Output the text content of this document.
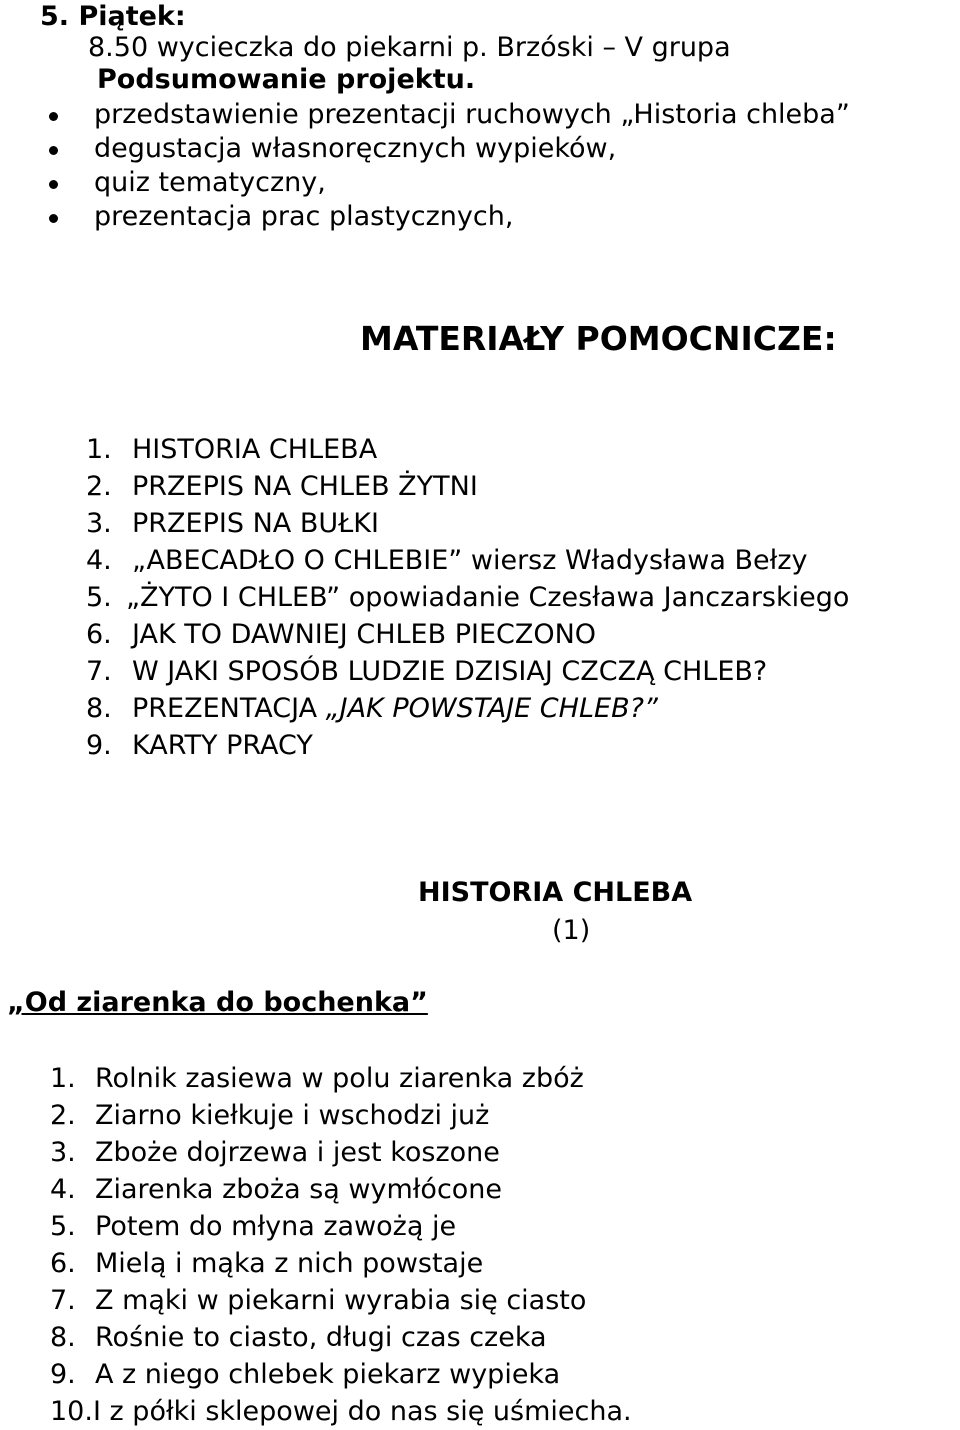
5. Piątek:
8.50 wycieczka do piekarni p. Brzóski – V grupa
Podsumowanie projektu.
przedstawienie prezentacji ruchowych „Historia chleba”
degustacja własnoręcznych wypieków,
quiz tematyczny,
prezentacja prac plastycznych,
MATERIAŁY POMOCNICZE:
1. HISTORIA CHLEBA
2. PRZEPIS NA CHLEB ŻYTNI
3. PRZEPIS NA BUŁKI
4. „ABECADŁO O CHLEBIE” wiersz Władysława Bełzy
5. „ŻYTO I CHLEB” opowiadanie Czesława Janczarskiego
6. JAK TO DAWNIEJ CHLEB PIECZONO
7. W JAKI SPOSÓB LUDZIE DZISIAJ CZCZĄ CHLEB?
8. PREZENTACJA „JAK POWSTAJE CHLEB?”
9. KARTY PRACY
HISTORIA CHLEBA
(1)
„Od ziarenka do bochenka”
1. Rolnik zasiewa w polu ziarenka zbóż
2. Ziarno kiełkuje i wschodzi już
3. Zboże dojrzewa i jest koszone
4. Ziarenka zboża są wymłócone
5. Potem do młyna zawożą je
6. Mielą i mąka z nich powstaje
7. Z mąki w piekarni wyrabia się ciasto
8. Rośnie to ciasto, długi czas czeka
9. A z niego chlebek piekarz wypieka
10. I z półki sklepowej do nas się uśmiecha.
